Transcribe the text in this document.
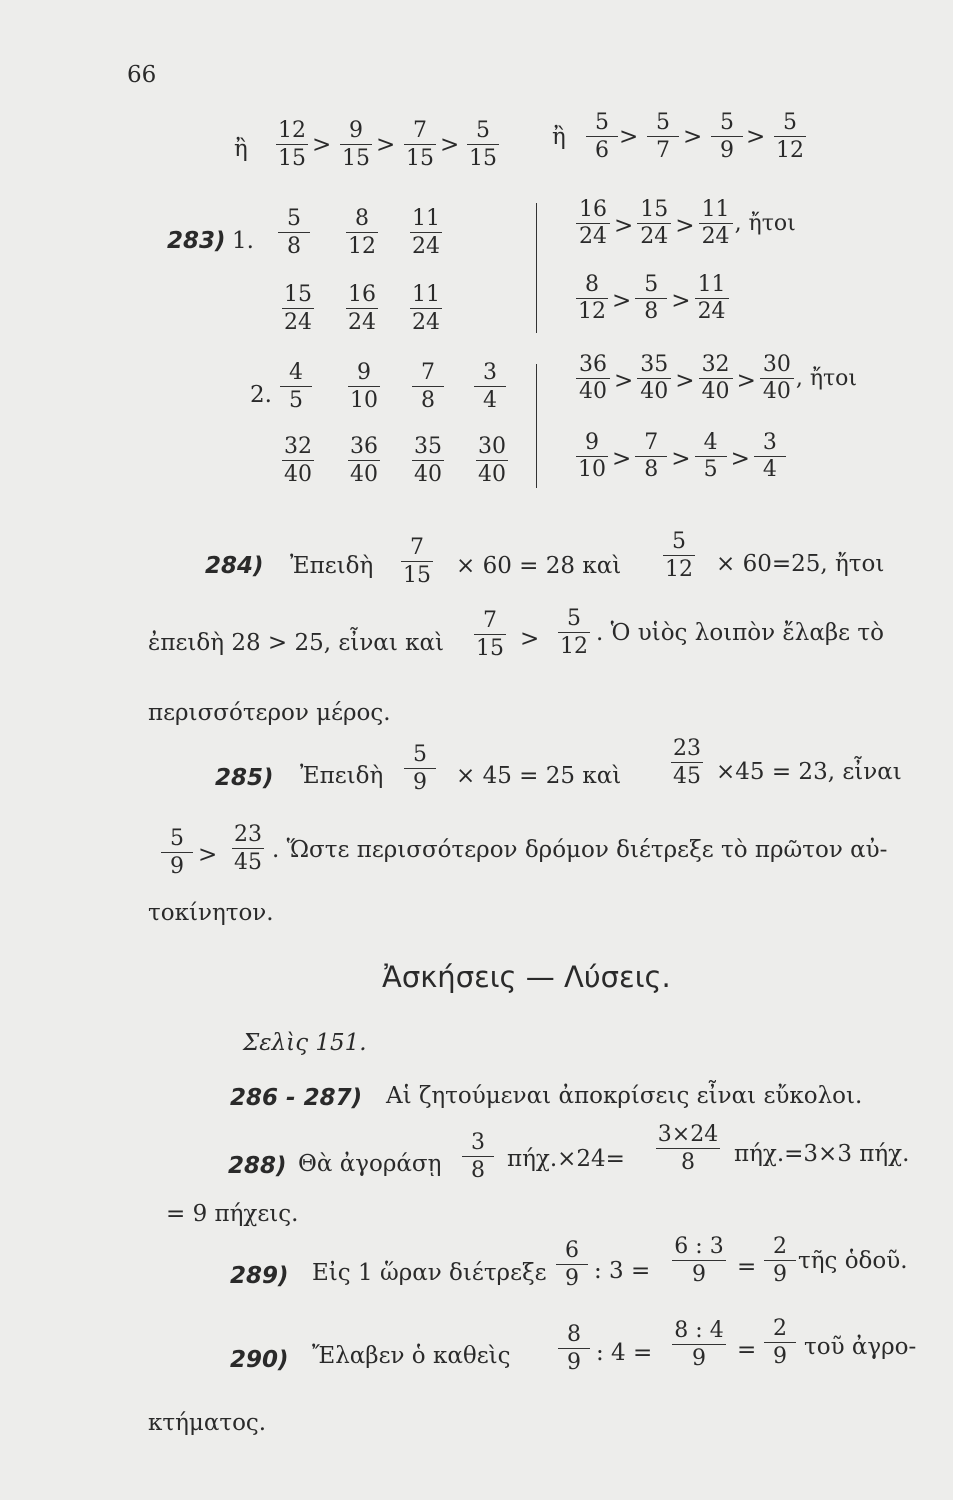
66
ἢ $\frac{12}{15}$
> $\frac{9}{15}$
> $\frac{7}{15}$
> $\frac{5}{15}$ ἢ $\frac{5}{6}$
> $\frac{5}{7}$
> $\frac{5}{9}$
> $\frac{5}{12}$
283) 1. $\frac{5}{8} \frac{8}{12} \frac{11}{24}$
$\frac{15}{24} \frac{16}{24} \frac{11}{24}$
16
24 >
15
24 >
11
24
, ἤτοι
8
12 >
5
8 >
11
24
2. $\frac{4}{5} \frac{9}{10} \frac{7}{8} \frac{3}{4}$
$\frac{32}{40} \frac{36}{40} \frac{35}{40} \frac{30}{40}$
36
40 >
35
40 >
32
40 >
30
40
, ἤτοι
9
10 >
7
8 >
4
5 >
3
4
284) Ἐπειδὴ $\frac{7}{15} \times 60 = 28$ καὶ $\frac{5}{12} \times 60=25$, ἤτοι
ἐπειδὴ 28 > 25, εἶναι καὶ $\frac{7}{15} > \frac{5}{12}$
. Ὁ υἱὸς λοιπὸν ἔλαβε τὸ
περισσότερον μέρος.
285) Ἐπειδὴ $\frac{5}{9} \times 45 = 25$ καὶ $\frac{23}{45} \times 45 = 23$, εἶναι
$\frac{5}{9}$
> $\frac{23}{45}$ . Ὥστε περισσότερον δρόμον διέτρεξε τὸ πρῶτον αὐ-
τοκίνητον.
Ἀσκήσεις — Λύσεις.
Σελὶς 151.
286 - 287) Αἱ ζητούμεναι ἀποκρίσεις εἶναι εὔκολοι.
288) Θὰ ἀγοράσῃ $\frac{3}{8} \pi ή\chi.\times 24= \frac{3\times 24}{8} \pi ή\chi.=3\times 3$ πήχ.
= 9 πήχεις.
289) Εἰς 1 ὥραν διέτρεξε $\frac{6}{9}$
: $3 = \frac{6 : 3}{9} = \frac{2}{9}$
τῆς ὁδοῦ.
290) Ἔλαβεν ὁ καθεὶς $\frac{8}{9}$
: $4 = \frac{8 : 4}{9} = \frac{2}{9}$ τοῦ ἀγρο-
κτήματος.
